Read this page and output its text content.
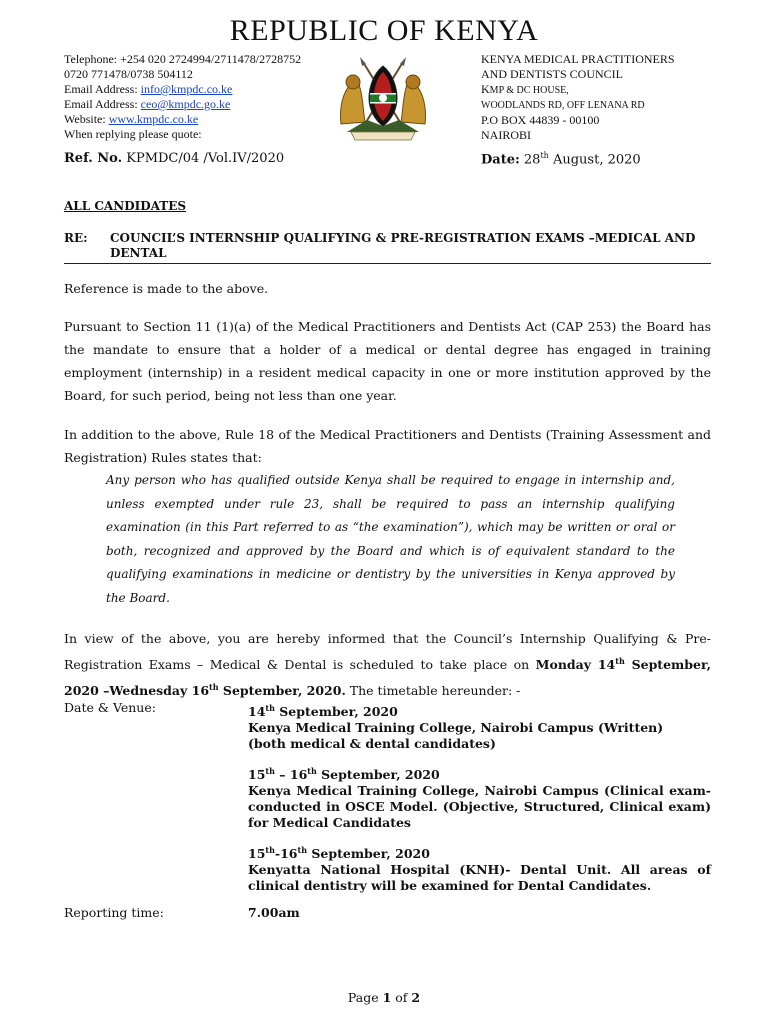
REPUBLIC OF KENYA
Telephone: +254 020 2724994/2711478/2728752
0720 771478/0738 504112
Email Address: info@kmpdc.co.ke
Email Address: ceo@kmpdc.go.ke
Website: www.kmpdc.co.ke
When replying please quote:
KENYA MEDICAL PRACTITIONERS
AND DENTISTS COUNCIL
KMP & DC HOUSE,
WOODLANDS RD, OFF LENANA RD
P.O BOX 44839 - 00100
NAIROBI
Ref. No. KPMDC/04 /Vol.IV/2020	Date: 28th August, 2020
ALL CANDIDATES
RE: COUNCIL’S INTERNSHIP QUALIFYING & PRE-REGISTRATION EXAMS –MEDICAL AND DENTAL
Reference is made to the above.
Pursuant to Section 11 (1)(a) of the Medical Practitioners and Dentists Act (CAP 253) the Board has the mandate to ensure that a holder of a medical or dental degree has engaged in training employment (internship) in a resident medical capacity in one or more institution approved by the Board, for such period, being not less than one year.
In addition to the above, Rule 18 of the Medical Practitioners and Dentists (Training Assessment and Registration) Rules states that:
Any person who has qualified outside Kenya shall be required to engage in internship and, unless exempted under rule 23, shall be required to pass an internship qualifying examination (in this Part referred to as “the examination”), which may be written or oral or both, recognized and approved by the Board and which is of equivalent standard to the qualifying examinations in medicine or dentistry by the universities in Kenya approved by the Board.
In view of the above, you are hereby informed that the Council’s Internship Qualifying & Pre-Registration Exams – Medical & Dental is scheduled to take place on Monday 14th September, 2020 –Wednesday 16th September, 2020. The timetable hereunder: -
Date & Venue:	14th September, 2020
Kenya Medical Training College, Nairobi Campus (Written)
(both medical & dental candidates)
15th – 16th September, 2020
Kenya Medical Training College, Nairobi Campus (Clinical exam- conducted in OSCE Model. (Objective, Structured, Clinical exam) for Medical Candidates
15th-16th September, 2020
Kenyatta National Hospital (KNH)- Dental Unit. All areas of clinical dentistry will be examined for Dental Candidates.
Reporting time:	7.00am
Page 1 of 2
